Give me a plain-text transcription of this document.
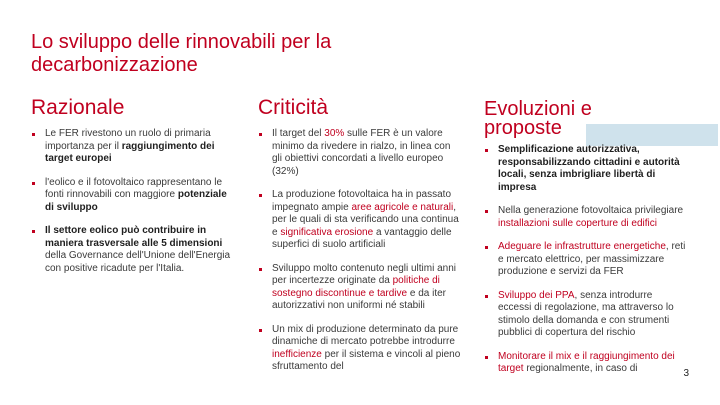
Lo sviluppo delle rinnovabili per la decarbonizzazione
Razionale
Le FER rivestono un ruolo di primaria importanza per il raggiungimento dei target europei
l'eolico e il fotovoltaico rappresentano le fonti rinnovabili con maggiore potenziale di sviluppo
Il settore eolico può contribuire in maniera trasversale alle 5 dimensioni della Governance dell'Unione dell'Energia con positive ricadute per l'Italia.
Criticità
Il target del 30% sulle FER è un valore minimo da rivedere in rialzo, in linea con gli obiettivi concordati a livello europeo (32%)
La produzione fotovoltaica ha in passato impegnato ampie aree agricole e naturali, per le quali di sta verificando una continua e significativa erosione a vantaggio delle superfici di suolo artificiali
Sviluppo molto contenuto negli ultimi anni per incertezze originate da politiche di sostegno discontinue e tardive e da iter autorizzativi non uniformi né stabili
Un mix di produzione determinato da pure dinamiche di mercato potrebbe introdurre inefficienze per il sistema e vincoli al pieno sfruttamento del
Evoluzioni e
proposte
Semplificazione autorizzativa, responsabilizzando cittadini e autorità locali, senza imbrigliare libertà di impresa
Nella generazione fotovoltaica privilegiare installazioni sulle coperture di edifici
Adeguare le infrastrutture energetiche, reti e mercato elettrico, per massimizzare produzione e servizi da FER
Sviluppo dei PPA, senza introdurre eccessi di regolazione, ma attraverso lo stimolo della domanda e con strumenti pubblici di copertura del rischio
Monitorare il mix e il raggiungimento dei target regionalmente, in caso di	3
